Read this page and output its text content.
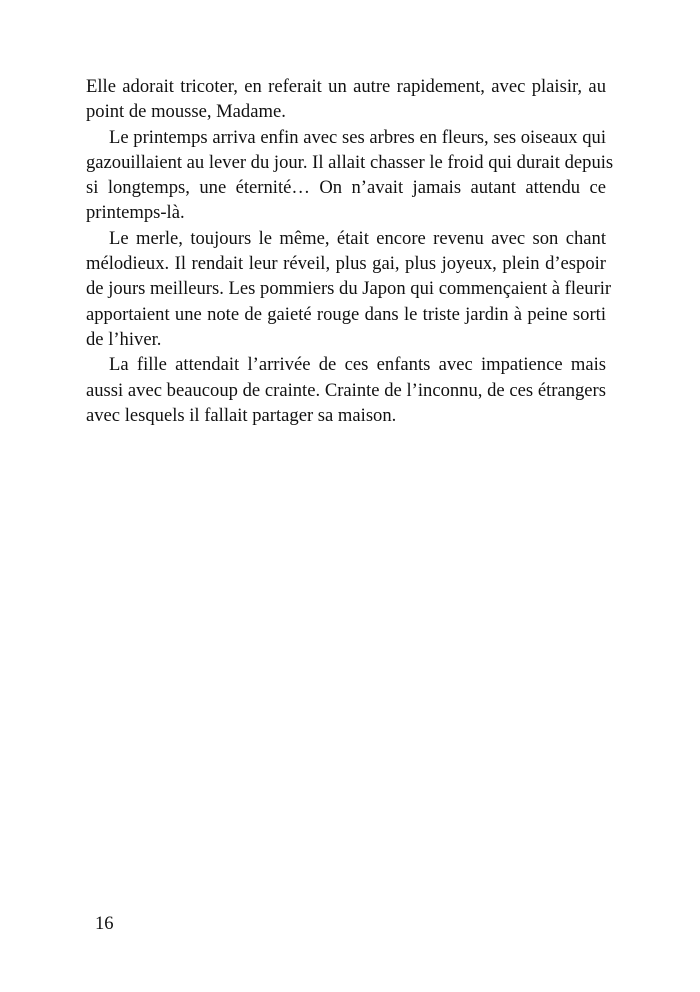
Elle adorait tricoter, en referait un autre rapidement, avec plaisir, au
point de mousse, Madame.
Le printemps arriva enfin avec ses arbres en fleurs, ses oiseaux qui
gazouillaient au lever du jour. Il allait chasser le froid qui durait depuis
si longtemps, une éternité… On n’avait jamais autant attendu ce
printemps-là.
Le merle, toujours le même, était encore revenu avec son chant
mélodieux. Il rendait leur réveil, plus gai, plus joyeux, plein d’espoir
de jours meilleurs. Les pommiers du Japon qui commençaient à fleurir
apportaient une note de gaieté rouge dans le triste jardin à peine sorti
de l’hiver.
La fille attendait l’arrivée de ces enfants avec impatience mais
aussi avec beaucoup de crainte. Crainte de l’inconnu, de ces étrangers
avec lesquels il fallait partager sa maison.
16
